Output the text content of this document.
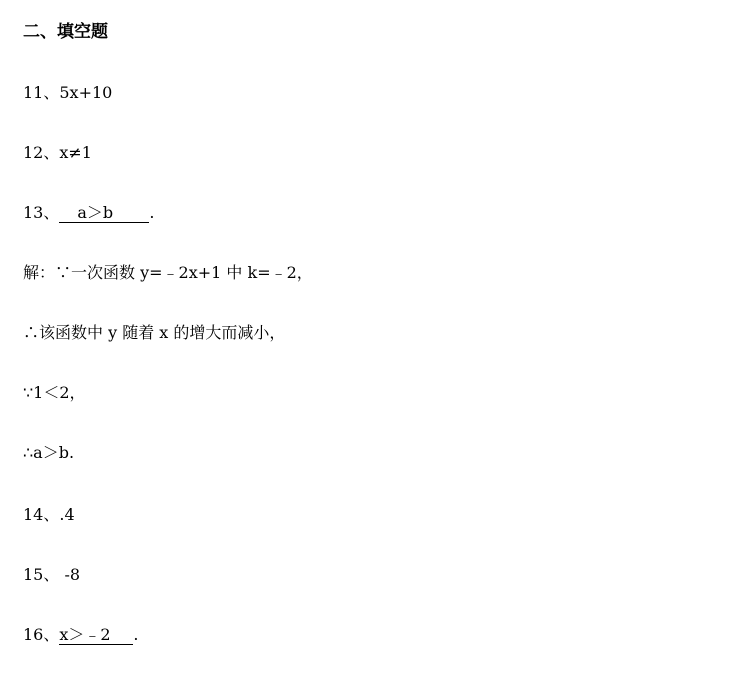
二、填空题
11、5x+10
12、x≠1
13、 a＞b .
解：∵一次函数 y=﹣2x+1 中 k=﹣2，
∴该函数中 y 随着 x 的增大而减小，
∵1＜2，
∴a＞b.
14、.4
15、 -8
16、x＞﹣2 .
